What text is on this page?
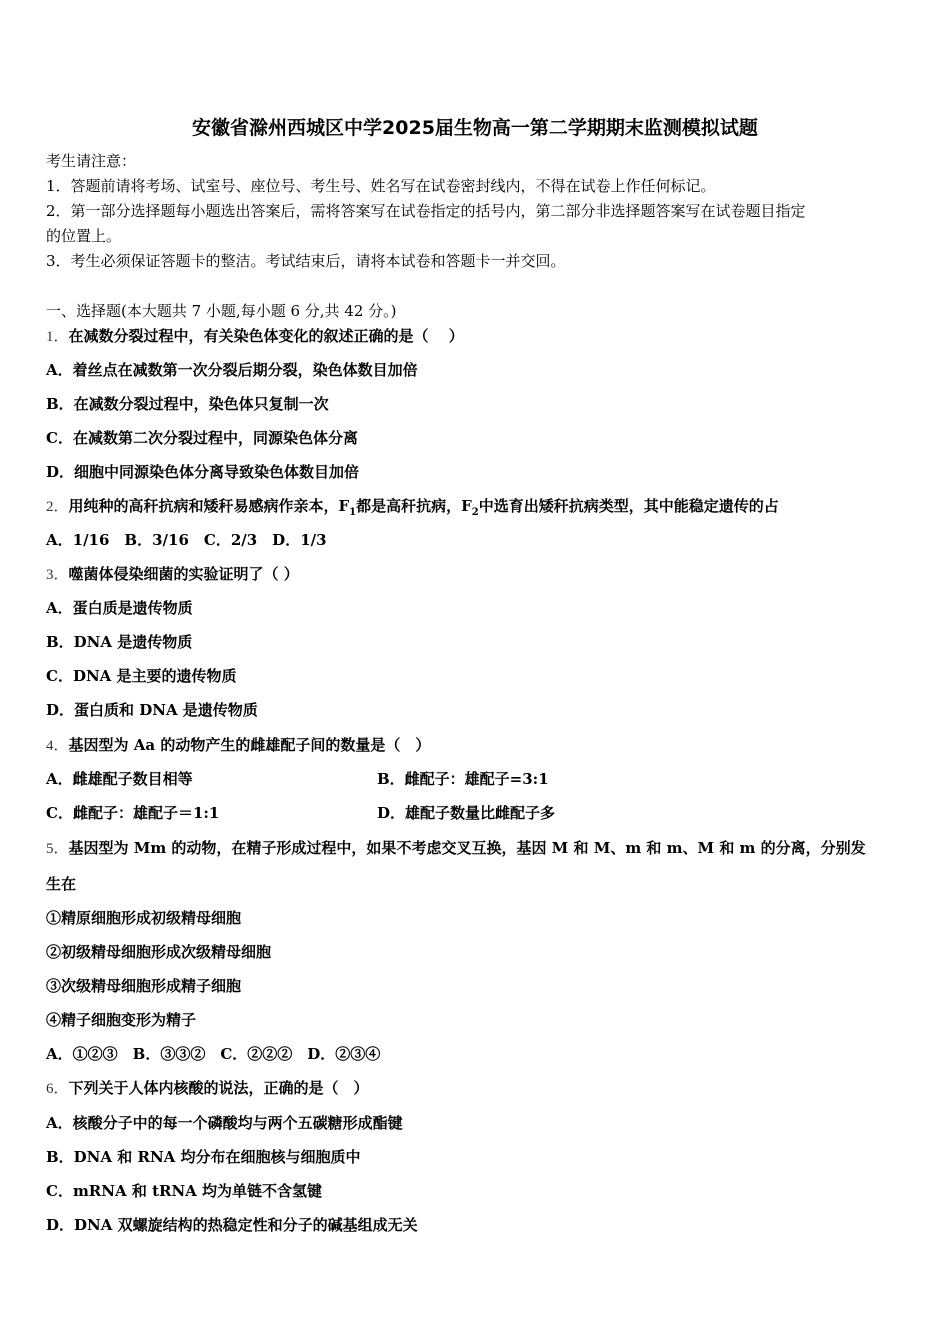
安徽省滁州西城区中学2025届生物高一第二学期期末监测模拟试题
考生请注意：
1．答题前请将考场、试室号、座位号、考生号、姓名写在试卷密封线内，不得在试卷上作任何标记。
2．第一部分选择题每小题选出答案后，需将答案写在试卷指定的括号内，第二部分非选择题答案写在试卷题目指定
的位置上。
3．考生必须保证答题卡的整洁。考试结束后，请将本试卷和答题卡一并交回。
一、选择题(本大题共 7 小题,每小题 6 分,共 42 分。)
1．在减数分裂过程中，有关染色体变化的叙述正确的是（　 ）
A．着丝点在减数第一次分裂后期分裂，染色体数目加倍
B．在减数分裂过程中，染色体只复制一次
C．在减数第二次分裂过程中，同源染色体分离
D．细胞中同源染色体分离导致染色体数目加倍
2．用纯种的高秆抗病和矮秆易感病作亲本，$F_1$都是高秆抗病，$F_2$中选育出矮秆抗病类型，其中能稳定遗传的占
A．1/16　B．3/16　C．2/3　D．1/3
3．噬菌体侵染细菌的实验证明了（ ）
A．蛋白质是遗传物质
B．DNA 是遗传物质
C．DNA 是主要的遗传物质
D．蛋白质和 DNA 是遗传物质
4．基因型为 Aa 的动物产生的雌雄配子间的数量是（　）
A．雌雄配子数目相等	B．雌配子：雄配子=3:1
C．雌配子：雄配子＝1:1	D．雄配子数量比雌配子多
5．基因型为 Mm 的动物，在精子形成过程中，如果不考虑交叉互换，基因 M 和 M、m 和 m、M 和 m 的分离，分别发
生在
①精原细胞形成初级精母细胞
②初级精母细胞形成次级精母细胞
③次级精母细胞形成精子细胞
④精子细胞变形为精子
A．①②③　B．③③②　C．②②②　D．②③④
6．下列关于人体内核酸的说法，正确的是（　）
A．核酸分子中的每一个磷酸均与两个五碳糖形成酯键
B．DNA 和 RNA 均分布在细胞核与细胞质中
C．mRNA 和 tRNA 均为单链不含氢键
D．DNA 双螺旋结构的热稳定性和分子的碱基组成无关
